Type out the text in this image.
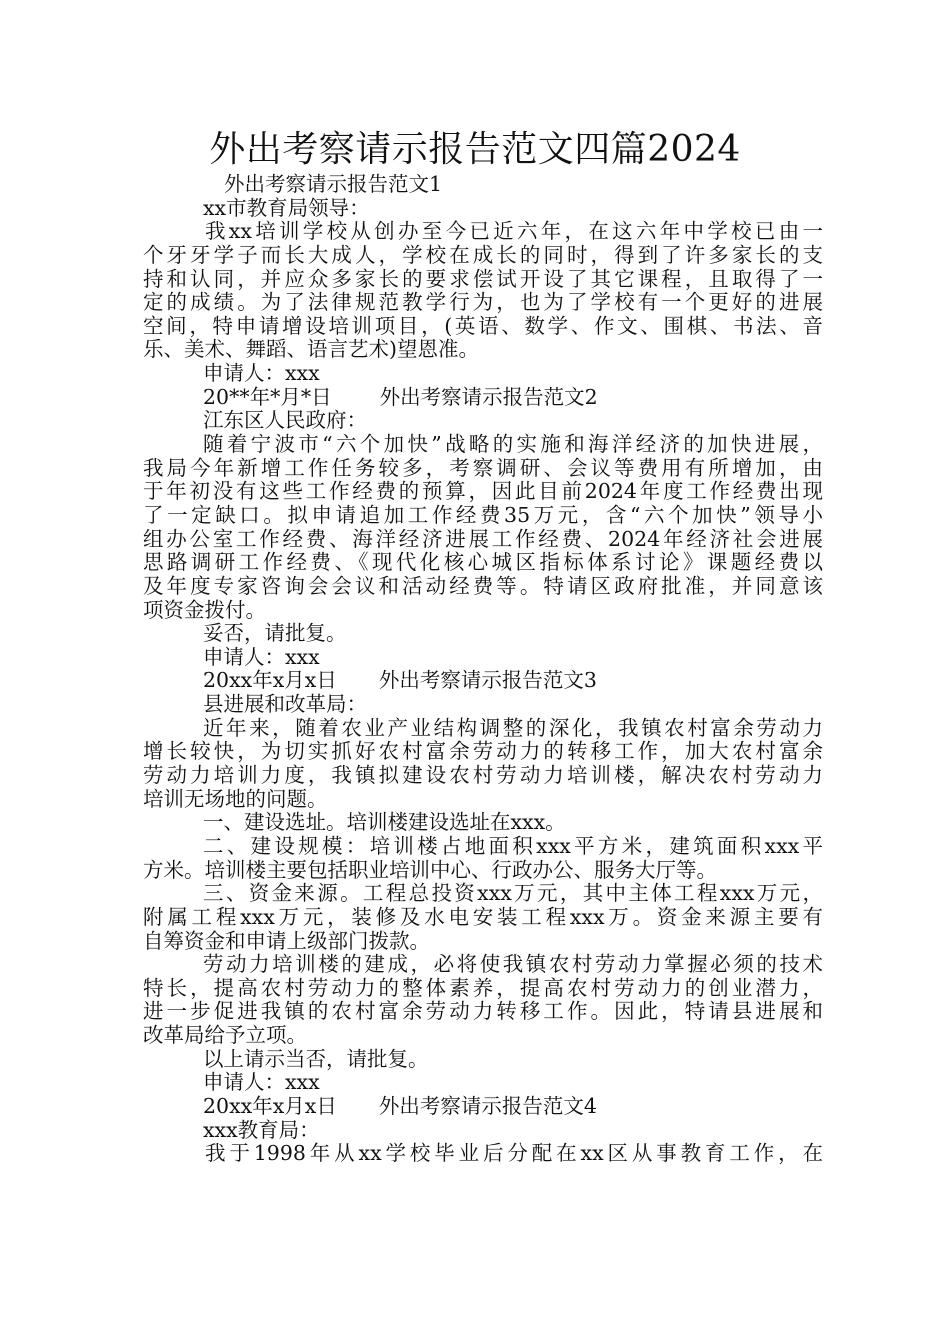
外出考察请示报告范文四篇2024
外出考察请示报告范文1
xx市教育局领导：
我xx培训学校从创办至今已近六年，在这六年中学校已由一
个牙牙学子而长大成人，学校在成长的同时，得到了许多家长的支
持和认同，并应众多家长的要求偿试开设了其它课程，且取得了一
定的成绩。为了法律规范教学行为，也为了学校有一个更好的进展
空间，特申请增设培训项目，(英语、数学、作文、围棋、书法、音
乐、美术、舞蹈、语言艺术)望恩准。
申请人：xxx
20**年*月*日 外出考察请示报告范文2
江东区人民政府：
随着宁波市“六个加快”战略的实施和海洋经济的加快进展，
我局今年新增工作任务较多，考察调研、会议等费用有所增加，由
于年初没有这些工作经费的预算，因此目前2024年度工作经费出现
了一定缺口。拟申请追加工作经费35万元，含“六个加快”领导小
组办公室工作经费、海洋经济进展工作经费、2024年经济社会进展
思路调研工作经费、《现代化核心城区指标体系讨论》课题经费以
及年度专家咨询会会议和活动经费等。特请区政府批准，并同意该
项资金拨付。
妥否，请批复。
申请人：xxx
20xx年x月x日 外出考察请示报告范文3
县进展和改革局：
近年来，随着农业产业结构调整的深化，我镇农村富余劳动力
增长较快，为切实抓好农村富余劳动力的转移工作，加大农村富余
劳动力培训力度，我镇拟建设农村劳动力培训楼，解决农村劳动力
培训无场地的问题。
一、建设选址。培训楼建设选址在xxx。
二、建设规模：培训楼占地面积xxx平方米，建筑面积xxx平
方米。培训楼主要包括职业培训中心、行政办公、服务大厅等。
三、资金来源。工程总投资xxx万元，其中主体工程xxx万元，
附属工程xxx万元，装修及水电安装工程xxx万。资金来源主要有
自筹资金和申请上级部门拨款。
劳动力培训楼的建成，必将使我镇农村劳动力掌握必须的技术
特长，提高农村劳动力的整体素养，提高农村劳动力的创业潜力，
进一步促进我镇的农村富余劳动力转移工作。因此，特请县进展和
改革局给予立项。
以上请示当否，请批复。
申请人：xxx
20xx年x月x日 外出考察请示报告范文4
xxx教育局：
我于1998年从xx学校毕业后分配在xx区从事教育工作，在
